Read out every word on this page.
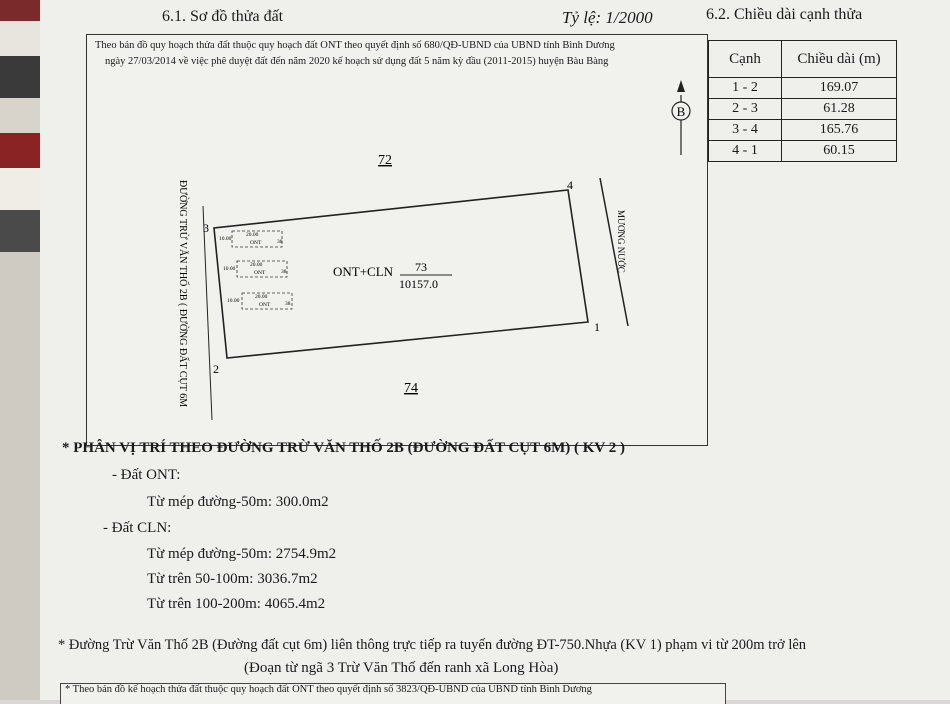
6.1. Sơ đồ thửa đất	Tỷ lệ: 1/2000	6.2. Chiều dài cạnh thửa
Theo bản đồ quy hoạch thửa đất thuộc quy hoạch đất ONT theo quyết định số 680/QĐ-UBND của UBND tỉnh Bình Dương
ngày 27/03/2014 về việc phê duyệt đất đến năm 2020 kế hoạch sử dụng đất 5 năm kỳ đầu (2011-2015) huyện Bàu Bàng	Cạnh	Chiều dài (m)
1 - 2	169.07
2 - 3	61.28
3 - 4	165.76
4 - 1	60.15
B
MƯƠNG NƯỚC
ĐƯỜNG TRỪ VĂN THỐ 2B ( ĐƯỜNG ĐẤT CỤT 6M	1
2
3
4
72
74
ONT+CLN 73
10157.0
10.00
20.00
ONT	38
10.00
20.00
ONT	38
10.00
20.00
ONT	38
* PHÂN VỊ TRÍ THEO ĐƯỜNG TRỪ VĂN THỐ 2B (ĐƯỜNG ĐẤT CỤT 6M) ( KV 2 )
- Đất ONT:
Từ mép đường-50m: 300.0m2
- Đất CLN:
Từ mép đường-50m: 2754.9m2
Từ trên 50-100m: 3036.7m2
Từ trên 100-200m: 4065.4m2
* Đường Trừ Văn Thố 2B (Đường đất cụt 6m) liên thông trực tiếp ra tuyến đường ĐT-750.Nhựa (KV 1) phạm vi từ 200m trở lên
(Đoạn từ ngã 3 Trừ Văn Thố đến ranh xã Long Hòa)
* Theo bản đồ kế hoạch thửa đất thuộc quy hoạch đất ONT theo quyết định số 3823/QĐ-UBND của UBND tỉnh Bình Dương
